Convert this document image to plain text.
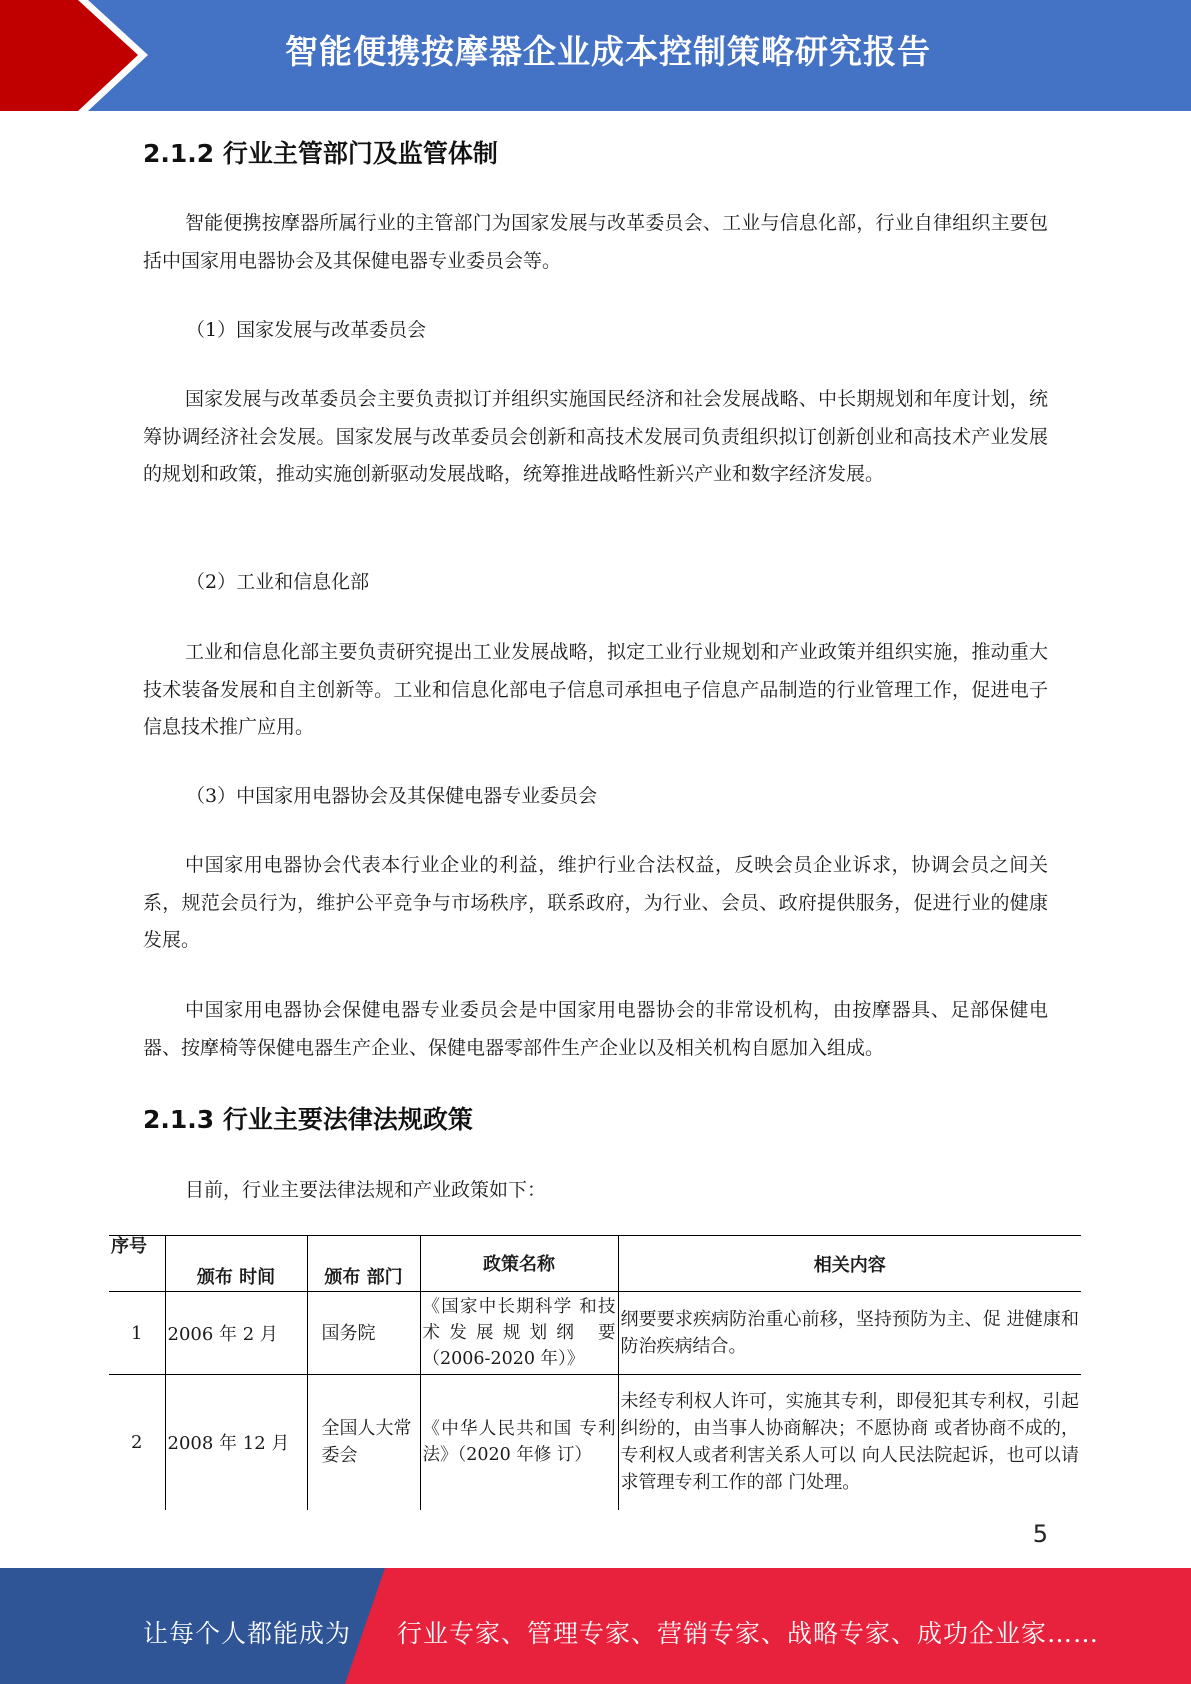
智能便携按摩器企业成本控制策略研究报告
2.1.2 行业主管部门及监管体制

智能便携按摩器所属行业的主管部门为国家发展与改革委员会、工业与信息化部，行业自律组织主要包括中国家用电器协会及其保健电器专业委员会等。

（1）国家发展与改革委员会

国家发展与改革委员会主要负责拟订并组织实施国民经济和社会发展战略、中长期规划和年度计划，统筹协调经济社会发展。国家发展与改革委员会创新和高技术发展司负责组织拟订创新创业和高技术产业发展的规划和政策，推动实施创新驱动发展战略，统筹推进战略性新兴产业和数字经济发展。

（2）工业和信息化部

工业和信息化部主要负责研究提出工业发展战略，拟定工业行业规划和产业政策并组织实施，推动重大技术装备发展和自主创新等。工业和信息化部电子信息司承担电子信息产品制造的行业管理工作，促进电子信息技术推广应用。

（3）中国家用电器协会及其保健电器专业委员会

中国家用电器协会代表本行业企业的利益，维护行业合法权益，反映会员企业诉求，协调会员之间关系，规范会员行为，维护公平竞争与市场秩序，联系政府，为行业、会员、政府提供服务，促进行业的健康发展。

中国家用电器协会保健电器专业委员会是中国家用电器协会的非常设机构，由按摩器具、足部保健电器、按摩椅等保健电器生产企业、保健电器零部件生产企业以及相关机构自愿加入组成。

2.1.3 行业主要法律法规政策

目前，行业主要法律法规和产业政策如下：

序号	颁布 时间	颁布 部门	政策名称	相关内容
1	2006 年 2 月	国务院	《国家中长期科学 和技术发展规划纲 要（2006-2020 年）》	纲要要求疾病防治重心前移，坚持预防为主、促 进健康和防治疾病结合。
2	2008 年 12 月	全国人大常委会	《中华人民共和国 专利法》（2020 年修 订）	未经专利权人许可，实施其专利，即侵犯其专利权，引起纠纷的，由当事人协商解决；不愿协商 或者协商不成的，专利权人或者利害关系人可以 向人民法院起诉，也可以请求管理专利工作的部 门处理。
5
让每个人都能成为 行业专家、管理专家、营销专家、战略专家、成功企业家……
